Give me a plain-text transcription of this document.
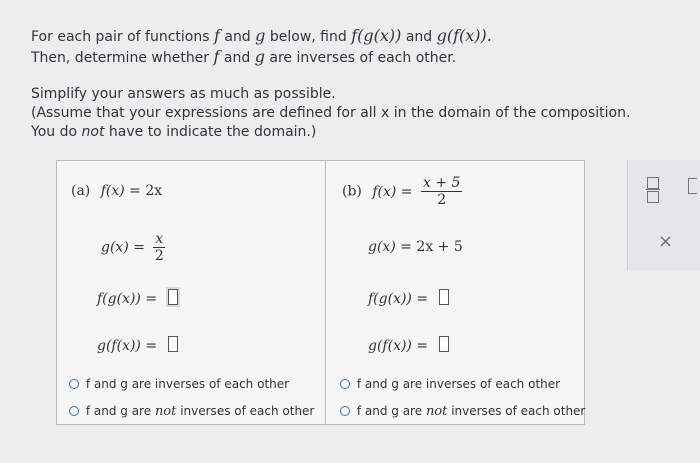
For each pair of functions f and g below, find f(g(x)) and g(f(x)).
Then, determine whether f and g are inverses of each other.
Simplify your answers as much as possible.
(Assume that your expressions are defined for all x in the domain of the composition.
You do not have to indicate the domain.)
(a) f(x) = 2x
$g(x) = \frac{x}{2}$
f(g(x)) =
g(f(x)) =
f and g are inverses of each other
f and g are not inverses of each other
(b) $f(x) = \frac{x + 5}{2}$
g(x) = 2x + 5
f(g(x)) =
g(f(x)) =
f and g are inverses of each other
f and g are not inverses of each other
×
